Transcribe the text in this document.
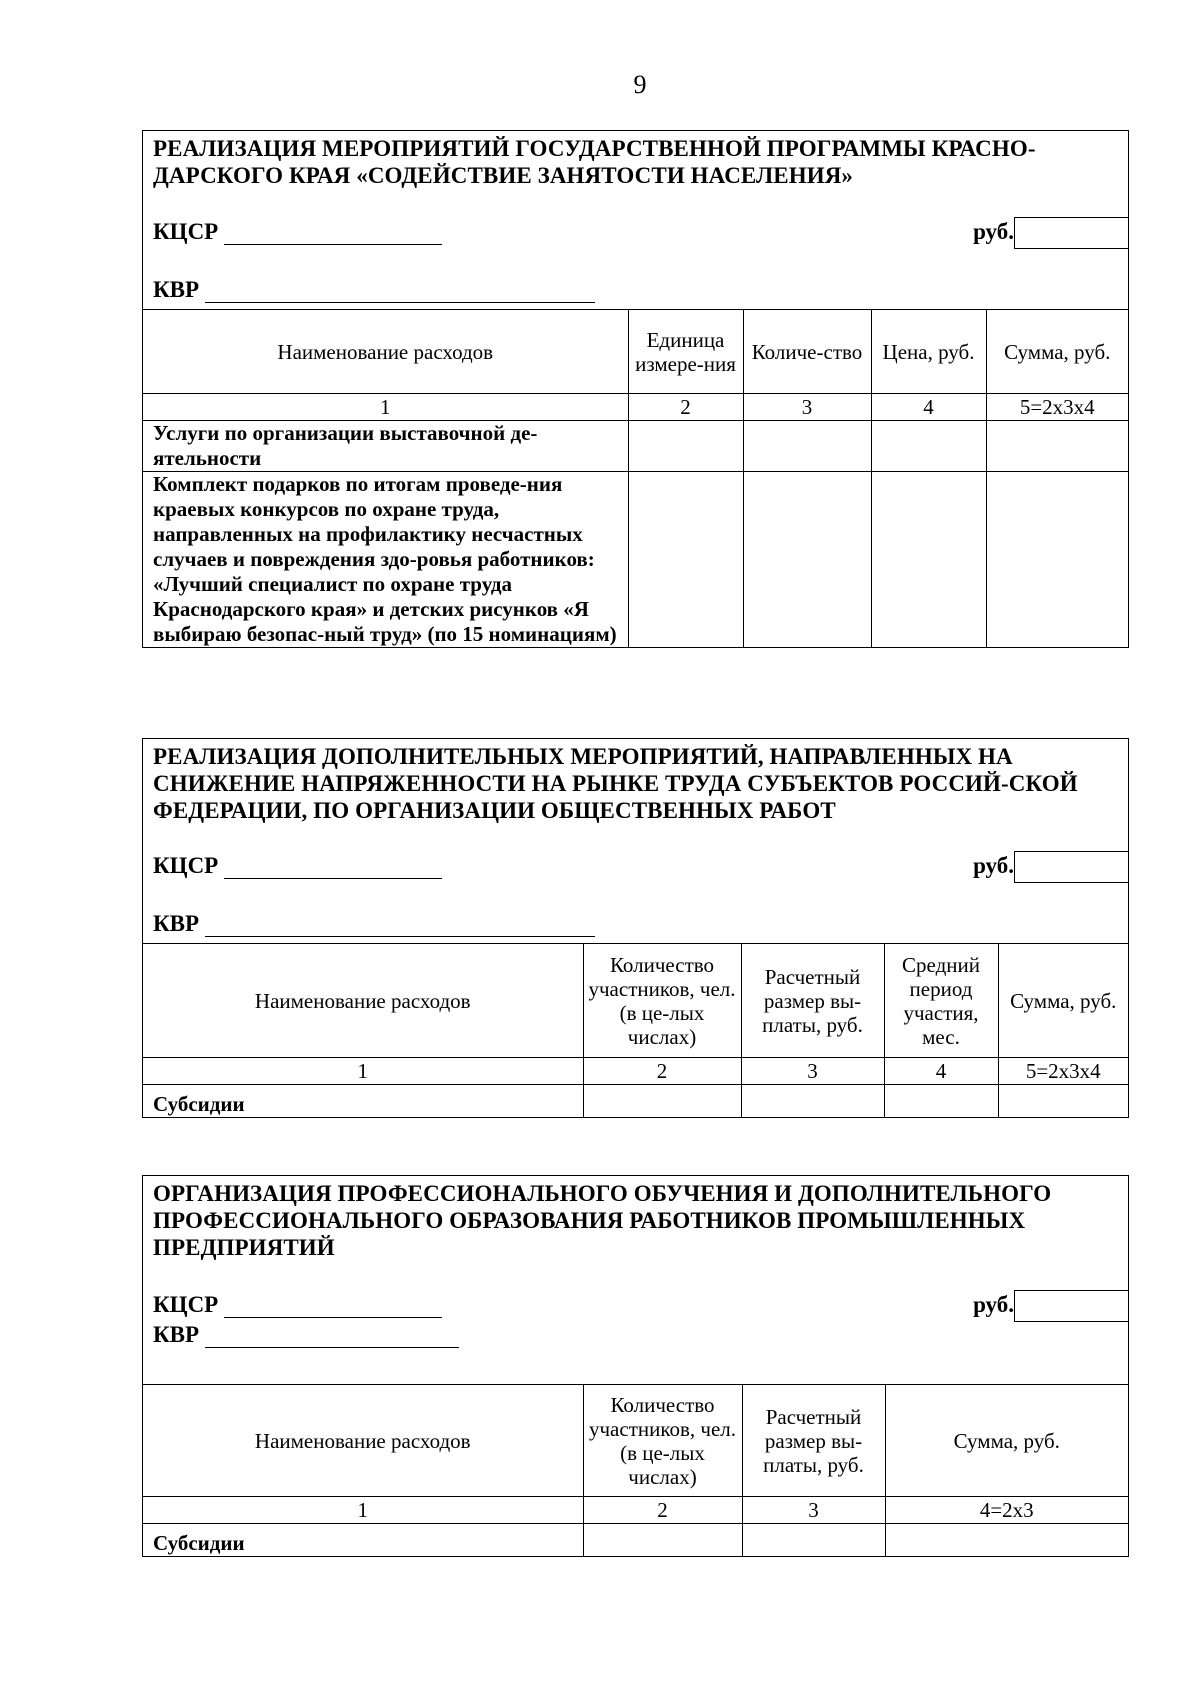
9
РЕАЛИЗАЦИЯ МЕРОПРИЯТИЙ ГОСУДАРСТВЕННОЙ ПРОГРАММЫ КРАСНО-ДАРСКОГО КРАЯ «СОДЕЙСТВИЕ ЗАНЯТОСТИ НАСЕЛЕНИЯ»
КЦСР	руб.
КВР
Наименование расходов	Единица измере-ния	Количе-ство	Цена, руб.	Сумма, руб.
1	2	3	4	5=2х3х4
Услуги по организации выставочной де-ятельности				
Комплект подарков по итогам проведе-ния краевых конкурсов по охране труда, направленных на профилактику несчастных случаев и повреждения здо-ровья работников: «Лучший специалист по охране труда Краснодарского края» и детских рисунков «Я выбираю безопас-ный труд» (по 15 номинациям)				
РЕАЛИЗАЦИЯ ДОПОЛНИТЕЛЬНЫХ МЕРОПРИЯТИЙ, НАПРАВЛЕННЫХ НА СНИЖЕНИЕ НАПРЯЖЕННОСТИ НА РЫНКЕ ТРУДА СУБЪЕКТОВ РОССИЙ-СКОЙ ФЕДЕРАЦИИ, ПО ОРГАНИЗАЦИИ ОБЩЕСТВЕННЫХ РАБОТ
КЦСР	руб.
КВР
Наименование расходов	Количество участников, чел. (в це-лых числах)	Расчетный размер вы-платы, руб.	Средний период участия, мес.	Сумма, руб.
1	2	3	4	5=2х3х4
Субсидии				
ОРГАНИЗАЦИЯ ПРОФЕССИОНАЛЬНОГО ОБУЧЕНИЯ И ДОПОЛНИТЕЛЬНОГО ПРОФЕССИОНАЛЬНОГО ОБРАЗОВАНИЯ РАБОТНИКОВ ПРОМЫШЛЕННЫХ ПРЕДПРИЯТИЙ
КЦСР	руб.
КВР
Наименование расходов	Количество участников, чел. (в це-лых числах)	Расчетный размер вы-платы, руб.	Сумма, руб.
1	2	3	4=2х3
Субсидии			
